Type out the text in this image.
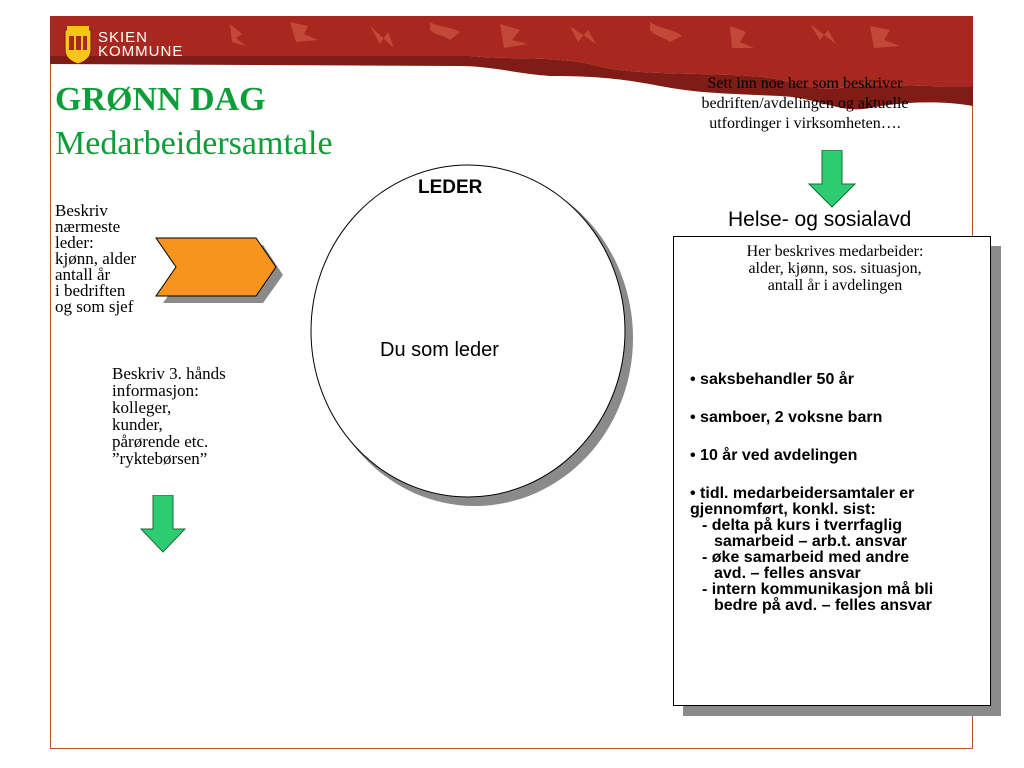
SKIEN
KOMMUNE
GRØNN DAG
Medarbeidersamtale
Sett inn noe her som beskriver bedriften/avdelingen og aktuelle utfordinger i virksomheten….
Beskriv
nærmeste
leder:
kjønn, alder
antall år
i bedriften
og som sjef
Beskriv 3. hånds
informasjon:
kolleger,
kunder,
pårørende etc.
”ryktebørsen”
LEDER
Du som leder
Helse- og sosialavd
Her beskrives medarbeider:
alder, kjønn, sos. situasjon,
antall år i avdelingen
• saksbehandler 50 år
• samboer, 2 voksne barn
• 10 år ved avdelingen
• tidl. medarbeidersamtaler er
gjennomført, konkl. sist:
- delta på kurs i tverrfaglig
samarbeid – arb.t. ansvar
- øke samarbeid med andre
avd. – felles ansvar
- intern kommunikasjon må bli
bedre på avd. – felles ansvar
